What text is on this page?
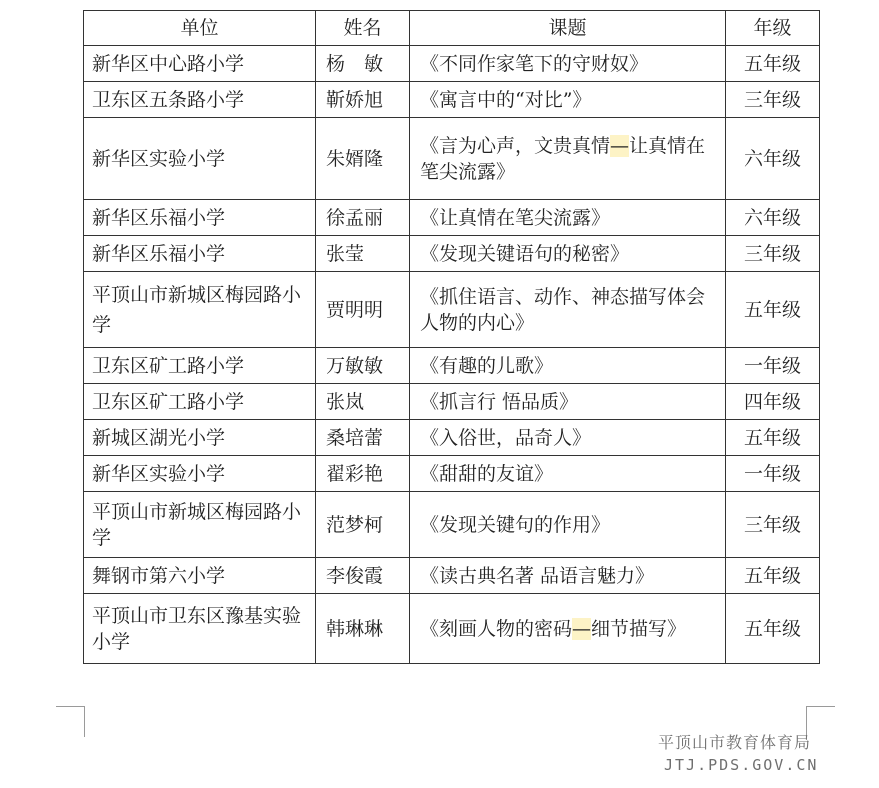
单位	姓名	课题	年级
新华区中心路小学	杨　敏	《不同作家笔下的守财奴》	五年级
卫东区五条路小学	靳娇旭	《寓言中的“对比”》	三年级
新华区实验小学	朱婿隆	《言为心声，文贵真情—让真情在笔尖流露》	六年级
新华区乐福小学	徐孟丽	《让真情在笔尖流露》	六年级
新华区乐福小学	张莹	《发现关键语句的秘密》	三年级
平顶山市新城区梅园路小学	贾明明	《抓住语言、动作、神态描写体会人物的内心》	五年级
卫东区矿工路小学	万敏敏	《有趣的儿歌》	一年级
卫东区矿工路小学	张岚	《抓言行 悟品质》	四年级
新城区湖光小学	桑培蕾	《入俗世，品奇人》	五年级
新华区实验小学	翟彩艳	《甜甜的友谊》	一年级
平顶山市新城区梅园路小学	范梦柯	《发现关键句的作用》	三年级
舞钢市第六小学	李俊霞	《读古典名著 品语言魅力》	五年级
平顶山市卫东区豫基实验小学	韩琳琳	《刻画人物的密码—细节描写》	五年级
平顶山市教育体育局
JTJ.PDS.GOV.CN
